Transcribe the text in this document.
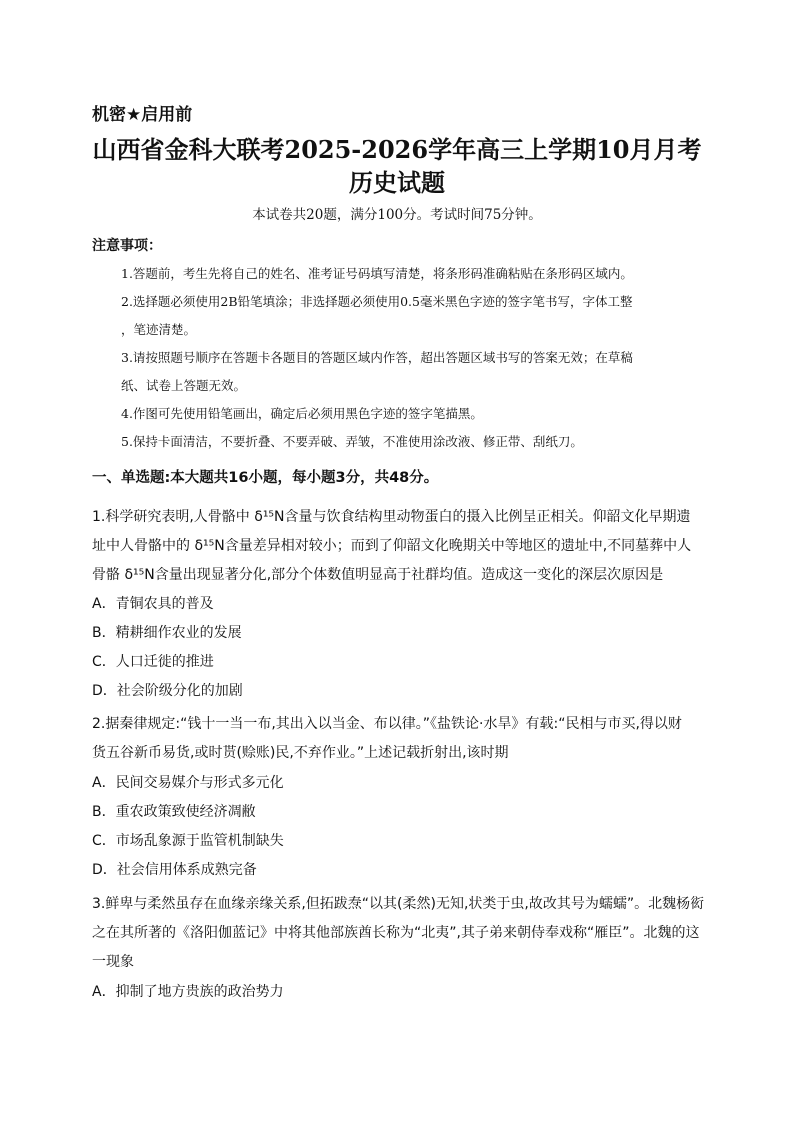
机密★启用前
山西省金科大联考2025-2026学年高三上学期10月月考
历史试题
本试卷共20题，满分100分。考试时间75分钟。
注意事项：
1.答题前，考生先将自己的姓名、准考证号码填写清楚，将条形码准确粘贴在条形码区域内。
2.选择题必须使用2B铅笔填涂；非选择题必须使用0.5毫米黑色字迹的签字笔书写，字体工整
，笔迹清楚。
3.请按照题号顺序在答题卡各题目的答题区域内作答，超出答题区域书写的答案无效；在草稿
纸、试卷上答题无效。
4.作图可先使用铅笔画出，确定后必须用黑色字迹的签字笔描黑。
5.保持卡面清洁，不要折叠、不要弄破、弄皱，不准使用涂改液、修正带、刮纸刀。
一、单选题:本大题共16小题，每小题3分，共48分。
1.科学研究表明,人骨骼中 δ¹⁵N含量与饮食结构里动物蛋白的摄入比例呈正相关。仰韶文化早期遗
址中人骨骼中的 δ¹⁵N含量差异相对较小；而到了仰韶文化晚期关中等地区的遗址中,不同墓葬中人
骨骼 δ¹⁵N含量出现显著分化,部分个体数值明显高于社群均值。造成这一变化的深层次原因是
A．青铜农具的普及
B．精耕细作农业的发展
C．人口迁徙的推进
D．社会阶级分化的加剧
2.据秦律规定:“钱十一当一布,其出入以当金、布以律。”《盐铁论·水旱》有载:“民相与市买,得以财
货五谷新币易货,或时贳(赊账)民,不弃作业。”上述记载折射出,该时期
A．民间交易媒介与形式多元化
B．重农政策致使经济凋敝
C．市场乱象源于监管机制缺失
D．社会信用体系成熟完备
3.鲜卑与柔然虽存在血缘亲缘关系,但拓跋焘“以其(柔然)无知,状类于虫,故改其号为蠕蠕”。北魏杨衒
之在其所著的《洛阳伽蓝记》中将其他部族酋长称为“北夷”,其子弟来朝侍奉戏称“雁臣”。北魏的这
一现象
A．抑制了地方贵族的政治势力
